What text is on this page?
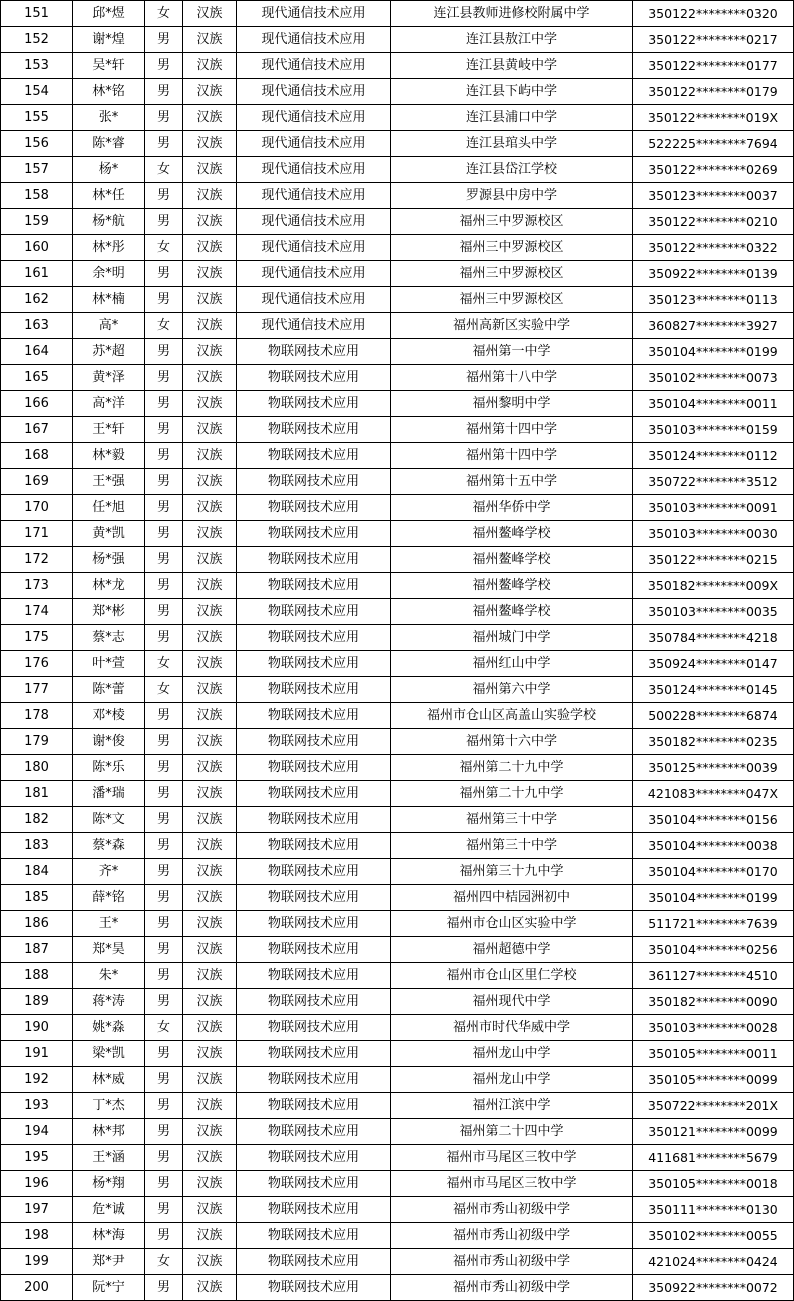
151	邱*煜	女	汉族	现代通信技术应用	连江县教师进修校附属中学	350122********0320
152	谢*煌	男	汉族	现代通信技术应用	连江县敖江中学	350122********0217
153	吴*轩	男	汉族	现代通信技术应用	连江县黄岐中学	350122********0177
154	林*铭	男	汉族	现代通信技术应用	连江县下屿中学	350122********0179
155	张*	男	汉族	现代通信技术应用	连江县浦口中学	350122********019X
156	陈*睿	男	汉族	现代通信技术应用	连江县琯头中学	522225********7694
157	杨*	女	汉族	现代通信技术应用	连江县岱江学校	350122********0269
158	林*任	男	汉族	现代通信技术应用	罗源县中房中学	350123********0037
159	杨*航	男	汉族	现代通信技术应用	福州三中罗源校区	350122********0210
160	林*彤	女	汉族	现代通信技术应用	福州三中罗源校区	350122********0322
161	余*明	男	汉族	现代通信技术应用	福州三中罗源校区	350922********0139
162	林*楠	男	汉族	现代通信技术应用	福州三中罗源校区	350123********0113
163	高*	女	汉族	现代通信技术应用	福州高新区实验中学	360827********3927
164	苏*超	男	汉族	物联网技术应用	福州第一中学	350104********0199
165	黄*泽	男	汉族	物联网技术应用	福州第十八中学	350102********0073
166	高*洋	男	汉族	物联网技术应用	福州黎明中学	350104********0011
167	王*轩	男	汉族	物联网技术应用	福州第十四中学	350103********0159
168	林*毅	男	汉族	物联网技术应用	福州第十四中学	350124********0112
169	王*强	男	汉族	物联网技术应用	福州第十五中学	350722********3512
170	任*旭	男	汉族	物联网技术应用	福州华侨中学	350103********0091
171	黄*凯	男	汉族	物联网技术应用	福州鳌峰学校	350103********0030
172	杨*强	男	汉族	物联网技术应用	福州鳌峰学校	350122********0215
173	林*龙	男	汉族	物联网技术应用	福州鳌峰学校	350182********009X
174	郑*彬	男	汉族	物联网技术应用	福州鳌峰学校	350103********0035
175	蔡*志	男	汉族	物联网技术应用	福州城门中学	350784********4218
176	叶*萱	女	汉族	物联网技术应用	福州红山中学	350924********0147
177	陈*蕾	女	汉族	物联网技术应用	福州第六中学	350124********0145
178	邓*棱	男	汉族	物联网技术应用	福州市仓山区高盖山实验学校	500228********6874
179	谢*俊	男	汉族	物联网技术应用	福州第十六中学	350182********0235
180	陈*乐	男	汉族	物联网技术应用	福州第二十九中学	350125********0039
181	潘*瑞	男	汉族	物联网技术应用	福州第二十九中学	421083********047X
182	陈*文	男	汉族	物联网技术应用	福州第三十中学	350104********0156
183	蔡*森	男	汉族	物联网技术应用	福州第三十中学	350104********0038
184	齐*	男	汉族	物联网技术应用	福州第三十九中学	350104********0170
185	薛*铭	男	汉族	物联网技术应用	福州四中桔园洲初中	350104********0199
186	王*	男	汉族	物联网技术应用	福州市仓山区实验中学	511721********7639
187	郑*昊	男	汉族	物联网技术应用	福州超德中学	350104********0256
188	朱*	男	汉族	物联网技术应用	福州市仓山区里仁学校	361127********4510
189	蒋*涛	男	汉族	物联网技术应用	福州现代中学	350182********0090
190	姚*淼	女	汉族	物联网技术应用	福州市时代华威中学	350103********0028
191	梁*凯	男	汉族	物联网技术应用	福州龙山中学	350105********0011
192	林*威	男	汉族	物联网技术应用	福州龙山中学	350105********0099
193	丁*杰	男	汉族	物联网技术应用	福州江滨中学	350722********201X
194	林*邦	男	汉族	物联网技术应用	福州第二十四中学	350121********0099
195	王*涵	男	汉族	物联网技术应用	福州市马尾区三牧中学	411681********5679
196	杨*翔	男	汉族	物联网技术应用	福州市马尾区三牧中学	350105********0018
197	危*诚	男	汉族	物联网技术应用	福州市秀山初级中学	350111********0130
198	林*海	男	汉族	物联网技术应用	福州市秀山初级中学	350102********0055
199	郑*尹	女	汉族	物联网技术应用	福州市秀山初级中学	421024********0424
200	阮*宁	男	汉族	物联网技术应用	福州市秀山初级中学	350922********0072
